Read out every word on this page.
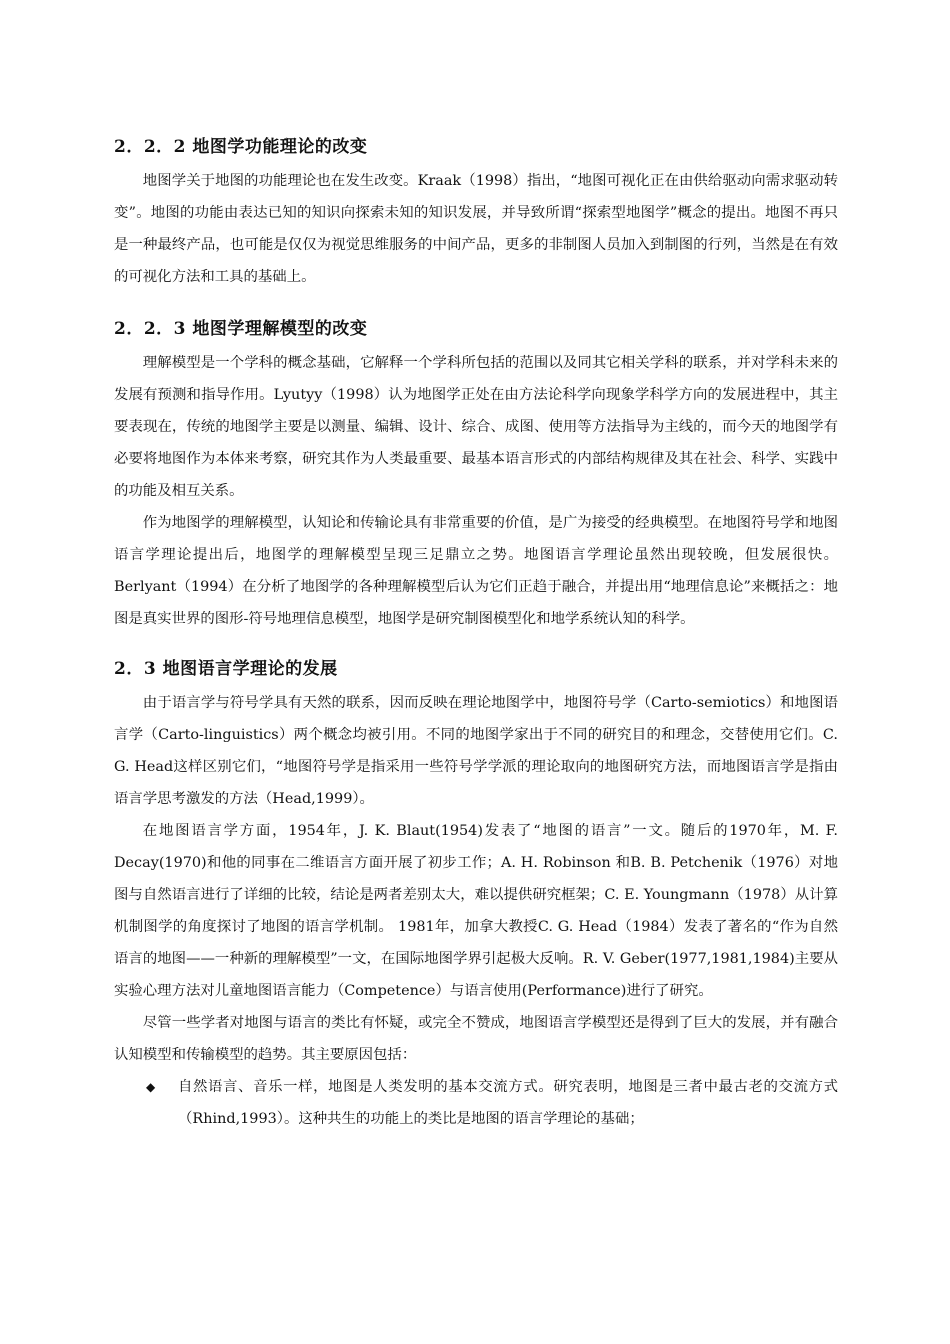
2．2．2 地图学功能理论的改变

地图学关于地图的功能理论也在发生改变。Kraak（1998）指出，“地图可视化正在由供给驱动向需求驱动转变”。地图的功能由表达已知的知识向探索未知的知识发展，并导致所谓“探索型地图学”概念的提出。地图不再只是一种最终产品，也可能是仅仅为视觉思维服务的中间产品，更多的非制图人员加入到制图的行列，当然是在有效的可视化方法和工具的基础上。

2．2．3 地图学理解模型的改变

理解模型是一个学科的概念基础，它解释一个学科所包括的范围以及同其它相关学科的联系，并对学科未来的发展有预测和指导作用。Lyutyy（1998）认为地图学正处在由方法论科学向现象学科学方向的发展进程中，其主要表现在，传统的地图学主要是以测量、编辑、设计、综合、成图、使用等方法指导为主线的，而今天的地图学有必要将地图作为本体来考察，研究其作为人类最重要、最基本语言形式的内部结构规律及其在社会、科学、实践中的功能及相互关系。

作为地图学的理解模型，认知论和传输论具有非常重要的价值，是广为接受的经典模型。在地图符号学和地图语言学理论提出后，地图学的理解模型呈现三足鼎立之势。地图语言学理论虽然出现较晚，但发展很快。Berlyant（1994）在分析了地图学的各种理解模型后认为它们正趋于融合，并提出用“地理信息论”来概括之：地图是真实世界的图形-符号地理信息模型，地图学是研究制图模型化和地学系统认知的科学。

2．3 地图语言学理论的发展

由于语言学与符号学具有天然的联系，因而反映在理论地图学中，地图符号学（Carto-semiotics）和地图语言学（Carto-linguistics）两个概念均被引用。不同的地图学家出于不同的研究目的和理念，交替使用它们。C. G. Head这样区别它们，“地图符号学是指采用一些符号学学派的理论取向的地图研究方法，而地图语言学是指由语言学思考激发的方法（Head,1999）。

在地图语言学方面，1954年，J. K. Blaut(1954)发表了“地图的语言”一文。随后的1970年，M. F. Decay(1970)和他的同事在二维语言方面开展了初步工作；A. H. Robinson 和B. B. Petchenik（1976）对地图与自然语言进行了详细的比较，结论是两者差别太大，难以提供研究框架；C. E. Youngmann（1978）从计算机制图学的角度探讨了地图的语言学机制。 1981年，加拿大教授C. G. Head（1984）发表了著名的“作为自然语言的地图——一种新的理解模型”一文，在国际地图学界引起极大反响。R. V. Geber(1977,1981,1984)主要从实验心理方法对儿童地图语言能力（Competence）与语言使用(Performance)进行了研究。

尽管一些学者对地图与语言的类比有怀疑，或完全不赞成，地图语言学模型还是得到了巨大的发展，并有融合认知模型和传输模型的趋势。其主要原因包括：

◆ 自然语言、音乐一样，地图是人类发明的基本交流方式。研究表明，地图是三者中最古老的交流方式（Rhind,1993）。这种共生的功能上的类比是地图的语言学理论的基础；
